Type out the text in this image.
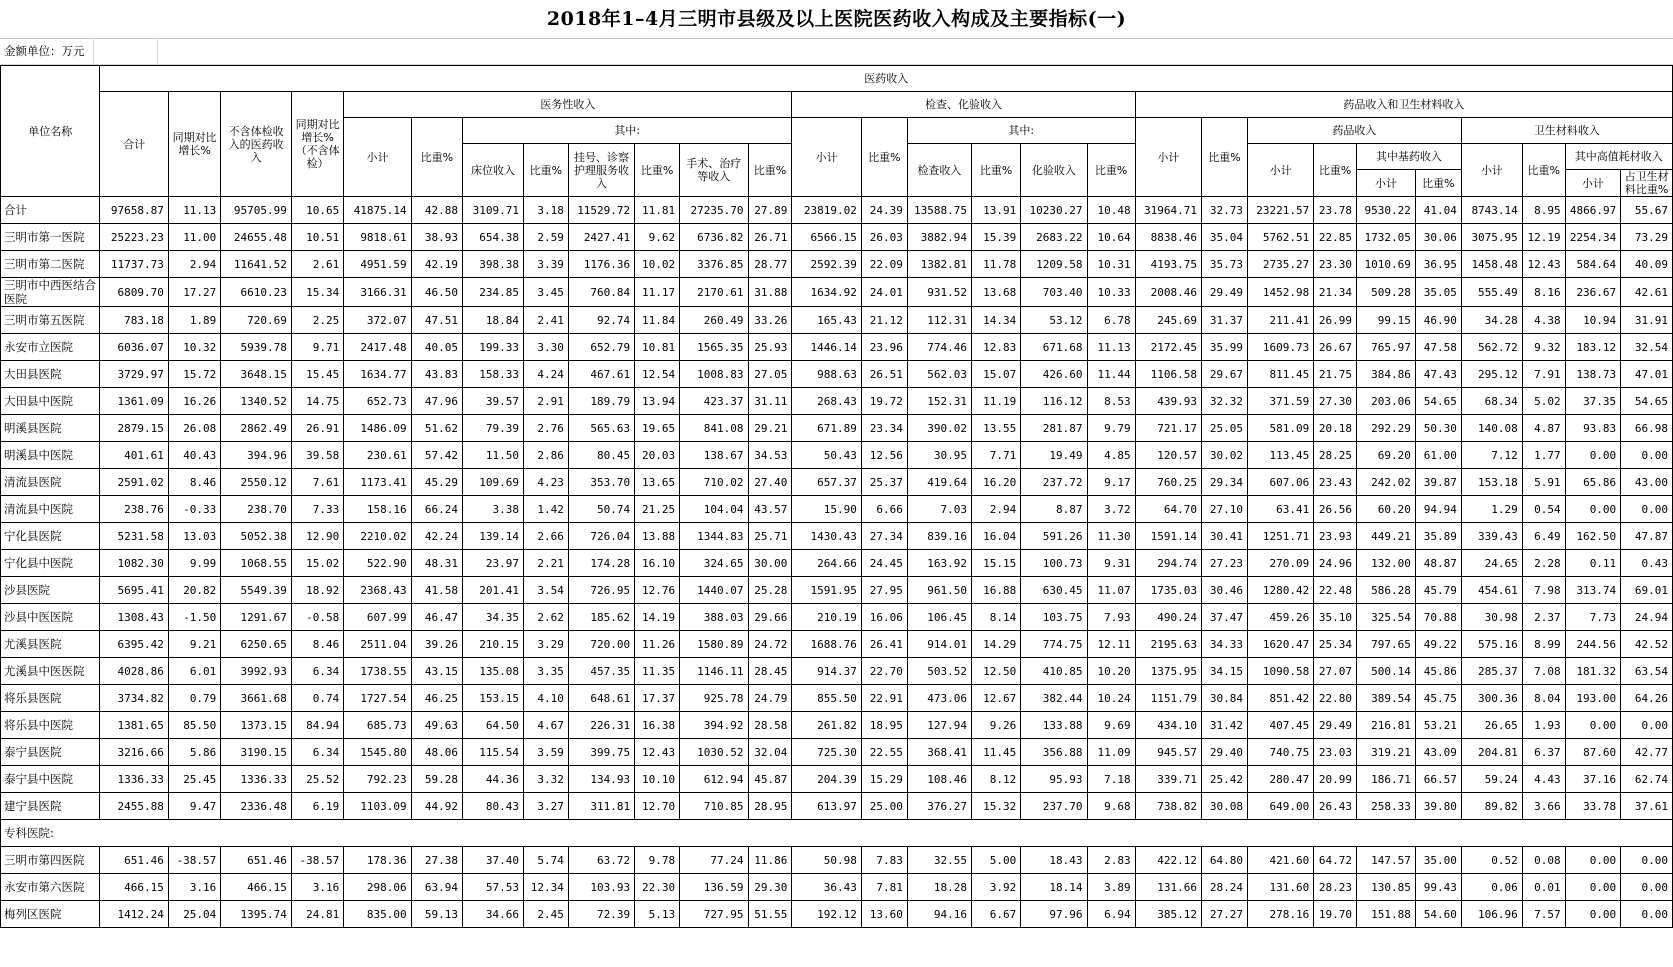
2018年1–4月三明市县级及以上医院医药收入构成及主要指标(一)
金额单位：万元
单位名称	医药收入																											
	合计	同期对比增长%	不含体检收入的医药收入	同期对比增长%（不含体检）	医务性收入								检查、化验收入						药品收入和卫生材料收入									
					小计	比重%	其中:						小计	比重%	其中:				小计	比重%	药品收入				卫生材料收入			
							床位收入	比重%	挂号、诊察护理服务收入	比重%	手术、治疗等收入	比重%			检查收入	比重%	化验收入	比重%			小计	比重%	其中基药收入		小计	比重%	其中高值耗材收入	
																							小计	比重%			小计	占卫生材料比重%
合计	97658.87	11.13	95705.99	10.65	41875.14	42.88	3109.71	3.18	11529.72	11.81	27235.70	27.89	23819.02	24.39	13588.75	13.91	10230.27	10.48	31964.71	32.73	23221.57	23.78	9530.22	41.04	8743.14	8.95	4866.97	55.67
三明市第一医院	25223.23	11.00	24655.48	10.51	9818.61	38.93	654.38	2.59	2427.41	9.62	6736.82	26.71	6566.15	26.03	3882.94	15.39	2683.22	10.64	8838.46	35.04	5762.51	22.85	1732.05	30.06	3075.95	12.19	2254.34	73.29
三明市第二医院	11737.73	2.94	11641.52	2.61	4951.59	42.19	398.38	3.39	1176.36	10.02	3376.85	28.77	2592.39	22.09	1382.81	11.78	1209.58	10.31	4193.75	35.73	2735.27	23.30	1010.69	36.95	1458.48	12.43	584.64	40.09
三明市中西医结合医院	6809.70	17.27	6610.23	15.34	3166.31	46.50	234.85	3.45	760.84	11.17	2170.61	31.88	1634.92	24.01	931.52	13.68	703.40	10.33	2008.46	29.49	1452.98	21.34	509.28	35.05	555.49	8.16	236.67	42.61
三明市第五医院	783.18	1.89	720.69	2.25	372.07	47.51	18.84	2.41	92.74	11.84	260.49	33.26	165.43	21.12	112.31	14.34	53.12	6.78	245.69	31.37	211.41	26.99	99.15	46.90	34.28	4.38	10.94	31.91
永安市立医院	6036.07	10.32	5939.78	9.71	2417.48	40.05	199.33	3.30	652.79	10.81	1565.35	25.93	1446.14	23.96	774.46	12.83	671.68	11.13	2172.45	35.99	1609.73	26.67	765.97	47.58	562.72	9.32	183.12	32.54
大田县医院	3729.97	15.72	3648.15	15.45	1634.77	43.83	158.33	4.24	467.61	12.54	1008.83	27.05	988.63	26.51	562.03	15.07	426.60	11.44	1106.58	29.67	811.45	21.75	384.86	47.43	295.12	7.91	138.73	47.01
大田县中医院	1361.09	16.26	1340.52	14.75	652.73	47.96	39.57	2.91	189.79	13.94	423.37	31.11	268.43	19.72	152.31	11.19	116.12	8.53	439.93	32.32	371.59	27.30	203.06	54.65	68.34	5.02	37.35	54.65
明溪县医院	2879.15	26.08	2862.49	26.91	1486.09	51.62	79.39	2.76	565.63	19.65	841.08	29.21	671.89	23.34	390.02	13.55	281.87	9.79	721.17	25.05	581.09	20.18	292.29	50.30	140.08	4.87	93.83	66.98
明溪县中医院	401.61	40.43	394.96	39.58	230.61	57.42	11.50	2.86	80.45	20.03	138.67	34.53	50.43	12.56	30.95	7.71	19.49	4.85	120.57	30.02	113.45	28.25	69.20	61.00	7.12	1.77	0.00	0.00
清流县医院	2591.02	8.46	2550.12	7.61	1173.41	45.29	109.69	4.23	353.70	13.65	710.02	27.40	657.37	25.37	419.64	16.20	237.72	9.17	760.25	29.34	607.06	23.43	242.02	39.87	153.18	5.91	65.86	43.00
清流县中医院	238.76	-0.33	238.70	7.33	158.16	66.24	3.38	1.42	50.74	21.25	104.04	43.57	15.90	6.66	7.03	2.94	8.87	3.72	64.70	27.10	63.41	26.56	60.20	94.94	1.29	0.54	0.00	0.00
宁化县医院	5231.58	13.03	5052.38	12.90	2210.02	42.24	139.14	2.66	726.04	13.88	1344.83	25.71	1430.43	27.34	839.16	16.04	591.26	11.30	1591.14	30.41	1251.71	23.93	449.21	35.89	339.43	6.49	162.50	47.87
宁化县中医院	1082.30	9.99	1068.55	15.02	522.90	48.31	23.97	2.21	174.28	16.10	324.65	30.00	264.66	24.45	163.92	15.15	100.73	9.31	294.74	27.23	270.09	24.96	132.00	48.87	24.65	2.28	0.11	0.43
沙县医院	5695.41	20.82	5549.39	18.92	2368.43	41.58	201.41	3.54	726.95	12.76	1440.07	25.28	1591.95	27.95	961.50	16.88	630.45	11.07	1735.03	30.46	1280.42	22.48	586.28	45.79	454.61	7.98	313.74	69.01
沙县中医医院	1308.43	-1.50	1291.67	-0.58	607.99	46.47	34.35	2.62	185.62	14.19	388.03	29.66	210.19	16.06	106.45	8.14	103.75	7.93	490.24	37.47	459.26	35.10	325.54	70.88	30.98	2.37	7.73	24.94
尤溪县医院	6395.42	9.21	6250.65	8.46	2511.04	39.26	210.15	3.29	720.00	11.26	1580.89	24.72	1688.76	26.41	914.01	14.29	774.75	12.11	2195.63	34.33	1620.47	25.34	797.65	49.22	575.16	8.99	244.56	42.52
尤溪县中医医院	4028.86	6.01	3992.93	6.34	1738.55	43.15	135.08	3.35	457.35	11.35	1146.11	28.45	914.37	22.70	503.52	12.50	410.85	10.20	1375.95	34.15	1090.58	27.07	500.14	45.86	285.37	7.08	181.32	63.54
将乐县医院	3734.82	0.79	3661.68	0.74	1727.54	46.25	153.15	4.10	648.61	17.37	925.78	24.79	855.50	22.91	473.06	12.67	382.44	10.24	1151.79	30.84	851.42	22.80	389.54	45.75	300.36	8.04	193.00	64.26
将乐县中医院	1381.65	85.50	1373.15	84.94	685.73	49.63	64.50	4.67	226.31	16.38	394.92	28.58	261.82	18.95	127.94	9.26	133.88	9.69	434.10	31.42	407.45	29.49	216.81	53.21	26.65	1.93	0.00	0.00
泰宁县医院	3216.66	5.86	3190.15	6.34	1545.80	48.06	115.54	3.59	399.75	12.43	1030.52	32.04	725.30	22.55	368.41	11.45	356.88	11.09	945.57	29.40	740.75	23.03	319.21	43.09	204.81	6.37	87.60	42.77
泰宁县中医院	1336.33	25.45	1336.33	25.52	792.23	59.28	44.36	3.32	134.93	10.10	612.94	45.87	204.39	15.29	108.46	8.12	95.93	7.18	339.71	25.42	280.47	20.99	186.71	66.57	59.24	4.43	37.16	62.74
建宁县医院	2455.88	9.47	2336.48	6.19	1103.09	44.92	80.43	3.27	311.81	12.70	710.85	28.95	613.97	25.00	376.27	15.32	237.70	9.68	738.82	30.08	649.00	26.43	258.33	39.80	89.82	3.66	33.78	37.61
专科医院:																												
三明市第四医院	651.46	-38.57	651.46	-38.57	178.36	27.38	37.40	5.74	63.72	9.78	77.24	11.86	50.98	7.83	32.55	5.00	18.43	2.83	422.12	64.80	421.60	64.72	147.57	35.00	0.52	0.08	0.00	0.00
永安市第六医院	466.15	3.16	466.15	3.16	298.06	63.94	57.53	12.34	103.93	22.30	136.59	29.30	36.43	7.81	18.28	3.92	18.14	3.89	131.66	28.24	131.60	28.23	130.85	99.43	0.06	0.01	0.00	0.00
梅列区医院	1412.24	25.04	1395.74	24.81	835.00	59.13	34.66	2.45	72.39	5.13	727.95	51.55	192.12	13.60	94.16	6.67	97.96	6.94	385.12	27.27	278.16	19.70	151.88	54.60	106.96	7.57	0.00	0.00
